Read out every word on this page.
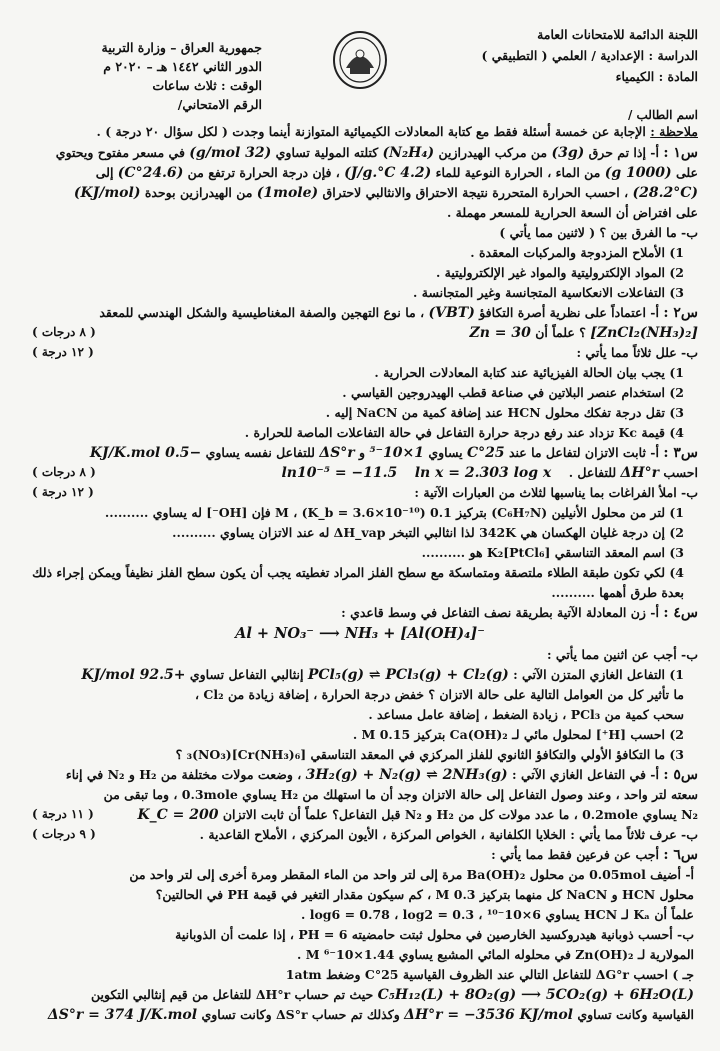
اللجنة الدائمة للامتحانات العامة
الدراسة : الإعدادية / العلمي ( التطبيقي )
المادة : الكيمياء
جمهورية العراق – وزارة التربية
الدور الثاني ١٤٤٢ هـ – ٢٠٢٠ م
الوقت : ثلاث ساعات
الرقم الامتحاني/
اسم الطالب /
ملاحظة : الإجابة عن خمسة أسئلة فقط مع كتابة المعادلات الكيميائية المتوازنة أينما وجدت ( لكل سؤال ٢٠ درجة ) .

س١ : أ- إذا تم حرق (3g) من مركب الهيدرازين (N₂H₄) كتلته المولية تساوي (32 g/mol) في مسعر مفتوح ويحتوي

على (1000 g) من الماء ، الحرارة النوعية للماء (4.2 J/g.°C) ، فإن درجة الحرارة ترتفع من (24.6°C) إلى

(28.2°C) ، احسب الحرارة المتحررة نتيجة الاحتراق والانثالبي لاحتراق (1mole) من الهيدرازين بوحدة (KJ/mol)

على افتراض أن السعة الحرارية للمسعر مهملة .

ب- ما الفرق بين ؟ ( لاثنين مما يأتي )

1) الأملاح المزدوجة والمركبات المعقدة .

2) المواد الإلكتروليتية والمواد غير الإلكتروليتية .

3) التفاعلات الانعكاسية المتجانسة وغير المتجانسة .

س٢ : أ- اعتماداً على نظرية أصرة التكافؤ (VBT) ، ما نوع التهجين والصفة المغناطيسية والشكل الهندسي للمعقد

( ٨ درجات )	[ZnCl₂(NH₃)₂] ؟ علماً أن Zn = 30

( ١٢ درجة )	ب- علل ثلاثاً مما يأتي :

1) يجب بيان الحالة الفيزيائية عند كتابة المعادلات الحرارية .

2) استخدام عنصر البلاتين في صناعة قطب الهيدروجين القياسي .

3) تقل درجة تفكك محلول HCN عند إضافة كمية من NaCN إليه .

4) قيمة Kc تزداد عند رفع درجة حرارة التفاعل في حالة التفاعلات الماصة للحرارة .

س٣ : أ- ثابت الاتزان لتفاعل ما عند 25°C يساوي 1×10⁻⁵ و ΔS°r للتفاعل نفسه يساوي −0.5 KJ/K.mol

( ٨ درجات )	احسب ΔH°r للتفاعل .    ln10⁻⁵ = −11.5 ln x = 2.303 log x

( ١٢ درجة )	ب- املأ الفراغات بما يناسبها لثلاث من العبارات الآتية :

1) لتر من محلول الأنيلين (C₆H₇N) بتركيز 0.1 M ، (K_b = 3.6×10⁻¹⁰) فإن [OH⁻] له يساوي ..........

2) إن درجة غليان الهكسان هي 342K لذا انثالبي التبخر ΔH_vap له عند الاتزان يساوي ..........

3) اسم المعقد التناسقي [K₂[PtCl₆ هو ..........

4) لكي تكون طبقة الطلاء ملتصقة ومتماسكة مع سطح الفلز المراد تغطيته يجب أن يكون سطح الفلز نظيفاً ويمكن إجراء ذلك بعدة طرق أهمها ..........

س٤ : أ- زن المعادلة الآتية بطريقة نصف التفاعل في وسط قاعدي :

Al + NO₃⁻ ⟶ NH₃ + [Al(OH)₄]⁻

ب- أجب عن اثنين مما يأتي :

1) التفاعل الغازي المتزن الآتي : PCl₅(g) ⇌ PCl₃(g) + Cl₂(g) إنثالبي التفاعل تساوي +92.5 KJ/mol

ما تأثير كل من العوامل التالية على حالة الاتزان ؟ خفض درجة الحرارة ، إضافة زيادة من Cl₂ ،

سحب كمية من PCl₃ ، زيادة الضغط ، إضافة عامل مساعد .

2) احسب [H⁺] لمحلول مائي لـ Ca(OH)₂ بتركيز 0.15 M .

3) ما التكافؤ الأولي والتكافؤ الثانوي للفلز المركزي في المعقد التناسقي [Cr(NH₃)₆](NO₃)₃ ؟

س٥ : أ- في التفاعل الغازي الآتي : 3H₂(g) + N₂(g) ⇌ 2NH₃(g) ، وضعت مولات مختلفة من H₂ و N₂ في إناء

سعته لتر واحد ، وعند وصول التفاعل إلى حالة الاتزان وجد أن ما استهلك من H₂ يساوي 0.3mole ، وما تبقى من

( ١١ درجة )	N₂ يساوي 0.2mole ، ما عدد مولات كل من H₂ و N₂ قبل التفاعل؟ علماً أن ثابت الاتزان K_C = 200

( ٩ درجات )	ب- عرف ثلاثاً مما يأتي : الخلايا الكلفانية ، الخواص المركزة ، الأيون المركزي ، الأملاح القاعدية .

س٦ : أجب عن فرعين فقط مما يأتي :

أ- أضيف 0.05mol من محلول Ba(OH)₂ مرة إلى لتر واحد من الماء المقطر ومرة أخرى إلى لتر واحد من

محلول HCN و NaCN كل منهما بتركيز 0.3 M ، كم سيكون مقدار التغير في قيمة PH في الحالتين؟

علماً أن Kₐ لـ HCN يساوي 6×10⁻¹⁰ ، log6 = 0.78 ، log2 = 0.3 .

ب- أحسب ذوبانية هيدروكسيد الخارصين في محلول ثبتت حامضيته PH = 6 ، إذا علمت أن الذوبانية

المولارية لـ Zn(OH)₂ في محلوله المائي المشبع يساوي 1.44×10⁻⁶ M .

جـ ) احسب ΔG°r للتفاعل التالي عند الظروف القياسية 25°C وضغط 1atm

C₅H₁₂(L) + 8O₂(g) ⟶ 5CO₂(g) + 6H₂O(L) حيث تم حساب ΔH°r للتفاعل من قيم إنثالبي التكوين

القياسية وكانت تساوي ΔH°r = −3536 KJ/mol وكذلك تم حساب ΔS°r وكانت تساوي ΔS°r = 374 J/K.mol
